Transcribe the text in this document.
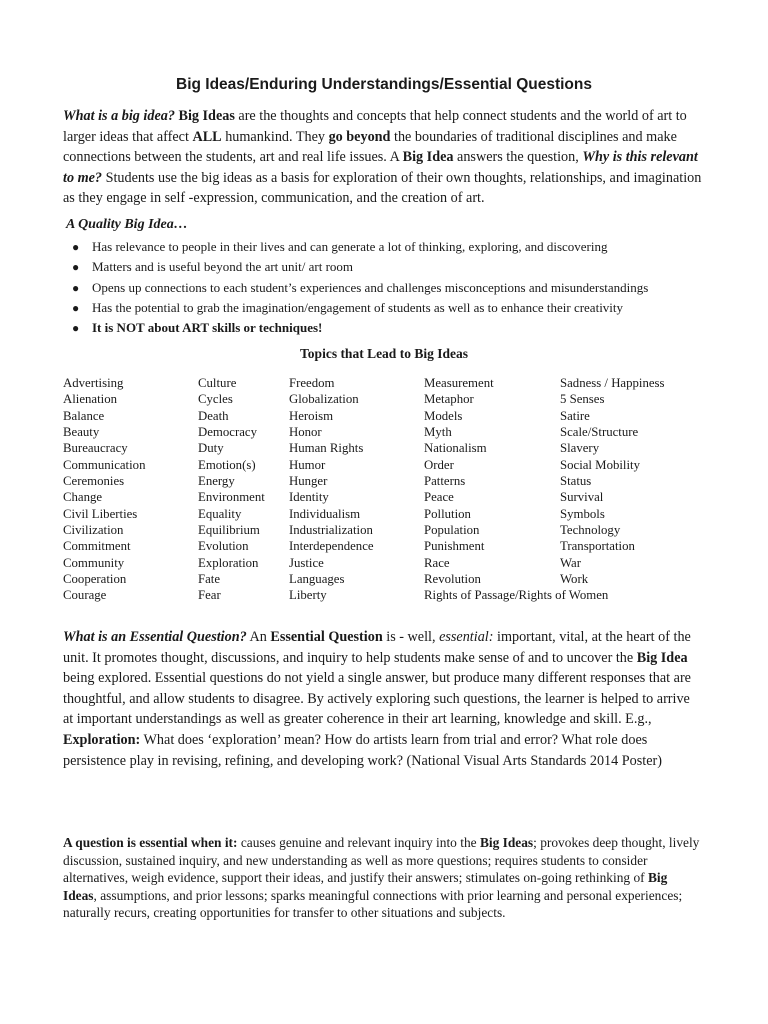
Big Ideas/Enduring Understandings/Essential Questions

What is a big idea? Big Ideas are the thoughts and concepts that help connect students and the world of art to larger ideas that affect ALL humankind. They go beyond the boundaries of traditional disciplines and make connections between the students, art and real life issues. A Big Idea answers the question, Why is this relevant to me? Students use the big ideas as a basis for exploration of their own thoughts, relationships, and imagination as they engage in self -expression, communication, and the creation of art.

A Quality Big Idea…
● Has relevance to people in their lives and can generate a lot of thinking, exploring, and discovering
● Matters and is useful beyond the art unit/ art room
● Opens up connections to each student’s experiences and challenges misconceptions and misunderstandings
● Has the potential to grab the imagination/engagement of students as well as to enhance their creativity
● It is NOT about ART skills or techniques!
Topics that Lead to Big Ideas
Advertising
Alienation
Balance
Beauty
Bureaucracy
Communication
Ceremonies
Change
Civil Liberties
Civilization
Commitment
Community
Cooperation
Courage
Culture
Cycles
Death
Democracy
Duty
Emotion(s)
Energy
Environment
Equality
Equilibrium
Evolution
Exploration
Fate
Fear
Freedom
Globalization
Heroism
Honor
Human Rights
Humor
Hunger
Identity
Individualism
Industrialization
Interdependence
Justice
Languages
Liberty
Measurement
Metaphor
Models
Myth
Nationalism
Order
Patterns
Peace
Pollution
Population
Punishment
Race
Revolution
Rights of Passage/Rights of Women
Sadness / Happiness
5 Senses
Satire
Scale/Structure
Slavery
Social Mobility
Status
Survival
Symbols
Technology
Transportation
War
Work

What is an Essential Question? An Essential Question is - well, essential: important, vital, at the heart of the unit. It promotes thought, discussions, and inquiry to help students make sense of and to uncover the Big Idea being explored. Essential questions do not yield a single answer, but produce many different responses that are thoughtful, and allow students to disagree. By actively exploring such questions, the learner is helped to arrive at important understandings as well as greater coherence in their art learning, knowledge and skill. E.g., Exploration: What does ‘exploration’ mean? How do artists learn from trial and error? What role does persistence play in revising, refining, and developing work? (National Visual Arts Standards 2014 Poster)

A question is essential when it: causes genuine and relevant inquiry into the Big Ideas; provokes deep thought, lively discussion, sustained inquiry, and new understanding as well as more questions; requires students to consider alternatives, weigh evidence, support their ideas, and justify their answers; stimulates on-going rethinking of Big Ideas, assumptions, and prior lessons; sparks meaningful connections with prior learning and personal experiences; naturally recurs, creating opportunities for transfer to other situations and subjects.
